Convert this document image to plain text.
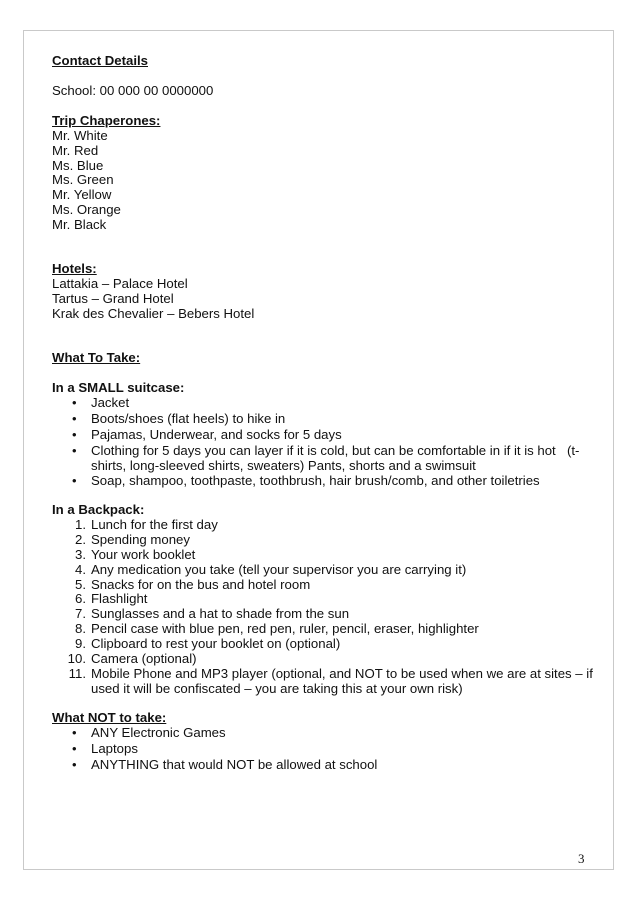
Contact Details
School: 00 000 00 0000000
Trip Chaperones:
Mr. White
Mr. Red
Ms. Blue
Ms. Green
Mr. Yellow
Ms. Orange
Mr. Black
Hotels:
Lattakia – Palace Hotel
Tartus – Grand Hotel
Krak des Chevalier – Bebers Hotel
What To Take:
In a SMALL suitcase:
• Jacket
• Boots/shoes (flat heels) to hike in
• Pajamas, Underwear, and socks for 5 days
• Clothing for 5 days you can layer if it is cold, but can be comfortable in if it is hot (t-
shirts, long-sleeved shirts, sweaters) Pants, shorts and a swimsuit
• Soap, shampoo, toothpaste, toothbrush, hair brush/comb, and other toiletries
In a Backpack:
1. Lunch for the first day
2. Spending money
3. Your work booklet
4. Any medication you take (tell your supervisor you are carrying it)
5. Snacks for on the bus and hotel room
6. Flashlight
7. Sunglasses and a hat to shade from the sun
8. Pencil case with blue pen, red pen, ruler, pencil, eraser, highlighter
9. Clipboard to rest your booklet on (optional)
10. Camera (optional)
11. Mobile Phone and MP3 player (optional, and NOT to be used when we are at sites – if
used it will be confiscated – you are taking this at your own risk)
What NOT to take:
• ANY Electronic Games
• Laptops
• ANYTHING that would NOT be allowed at school
3
